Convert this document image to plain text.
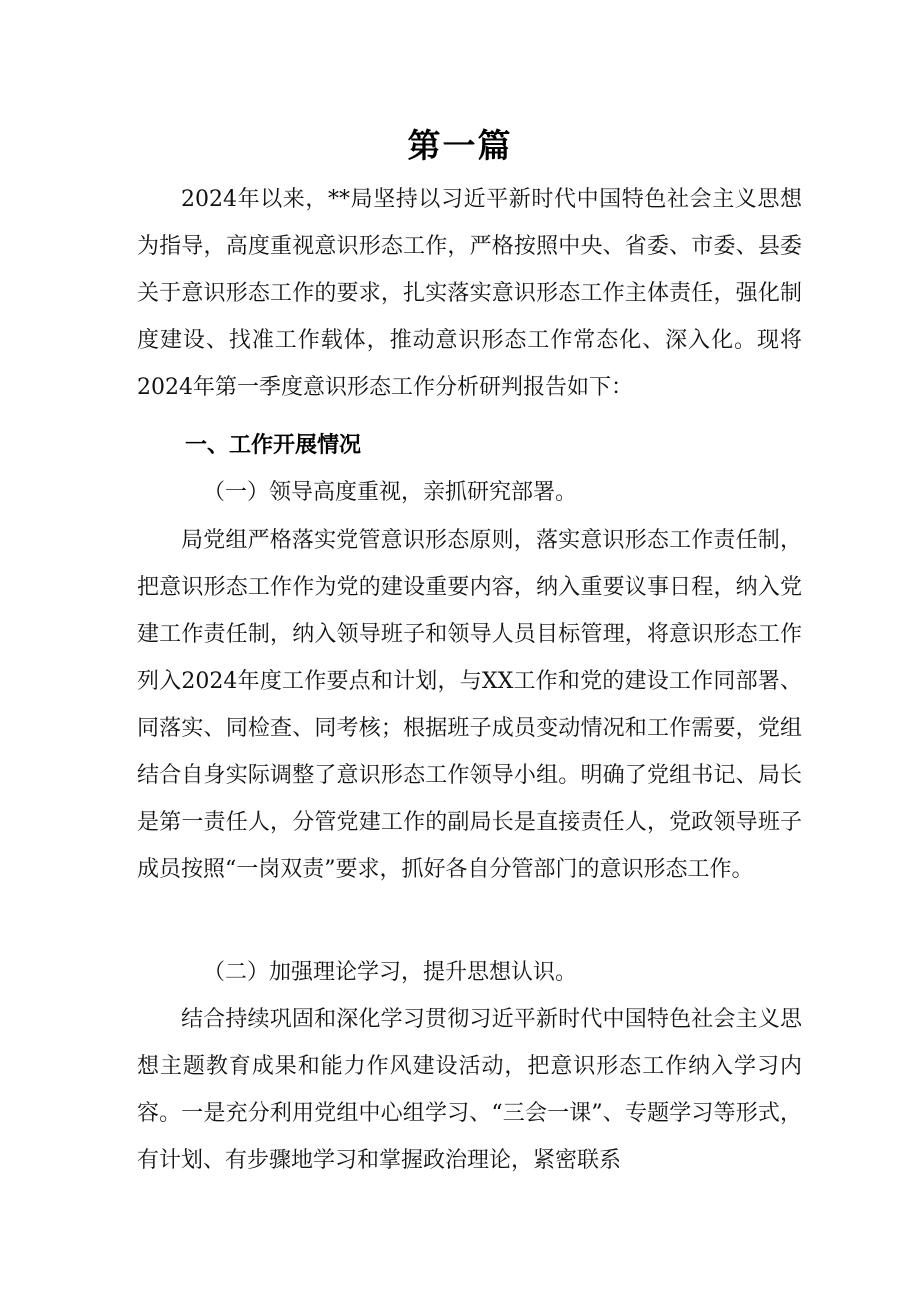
第一篇
2024年以来，**局坚持以习近平新时代中国特色社会主义思想为指导，高度重视意识形态工作，严格按照中央、省委、市委、县委关于意识形态工作的要求，扎实落实意识形态工作主体责任，强化制度建设、找准工作载体，推动意识形态工作常态化、深入化。现将2024年第一季度意识形态工作分析研判报告如下：
一、工作开展情况
（一）领导高度重视，亲抓研究部署。
局党组严格落实党管意识形态原则，落实意识形态工作责任制，把意识形态工作作为党的建设重要内容，纳入重要议事日程，纳入党建工作责任制，纳入领导班子和领导人员目标管理，将意识形态工作列入2024年度工作要点和计划，与XX工作和党的建设工作同部署、同落实、同检查、同考核；根据班子成员变动情况和工作需要，党组结合自身实际调整了意识形态工作领导小组。明确了党组书记、局长是第一责任人，分管党建工作的副局长是直接责任人，党政领导班子成员按照“一岗双责”要求，抓好各自分管部门的意识形态工作。
（二）加强理论学习，提升思想认识。
结合持续巩固和深化学习贯彻习近平新时代中国特色社会主义思想主题教育成果和能力作风建设活动，把意识形态工作纳入学习内容。一是充分利用党组中心组学习、“三会一课”、专题学习等形式，有计划、有步骤地学习和掌握政治理论，紧密联系
